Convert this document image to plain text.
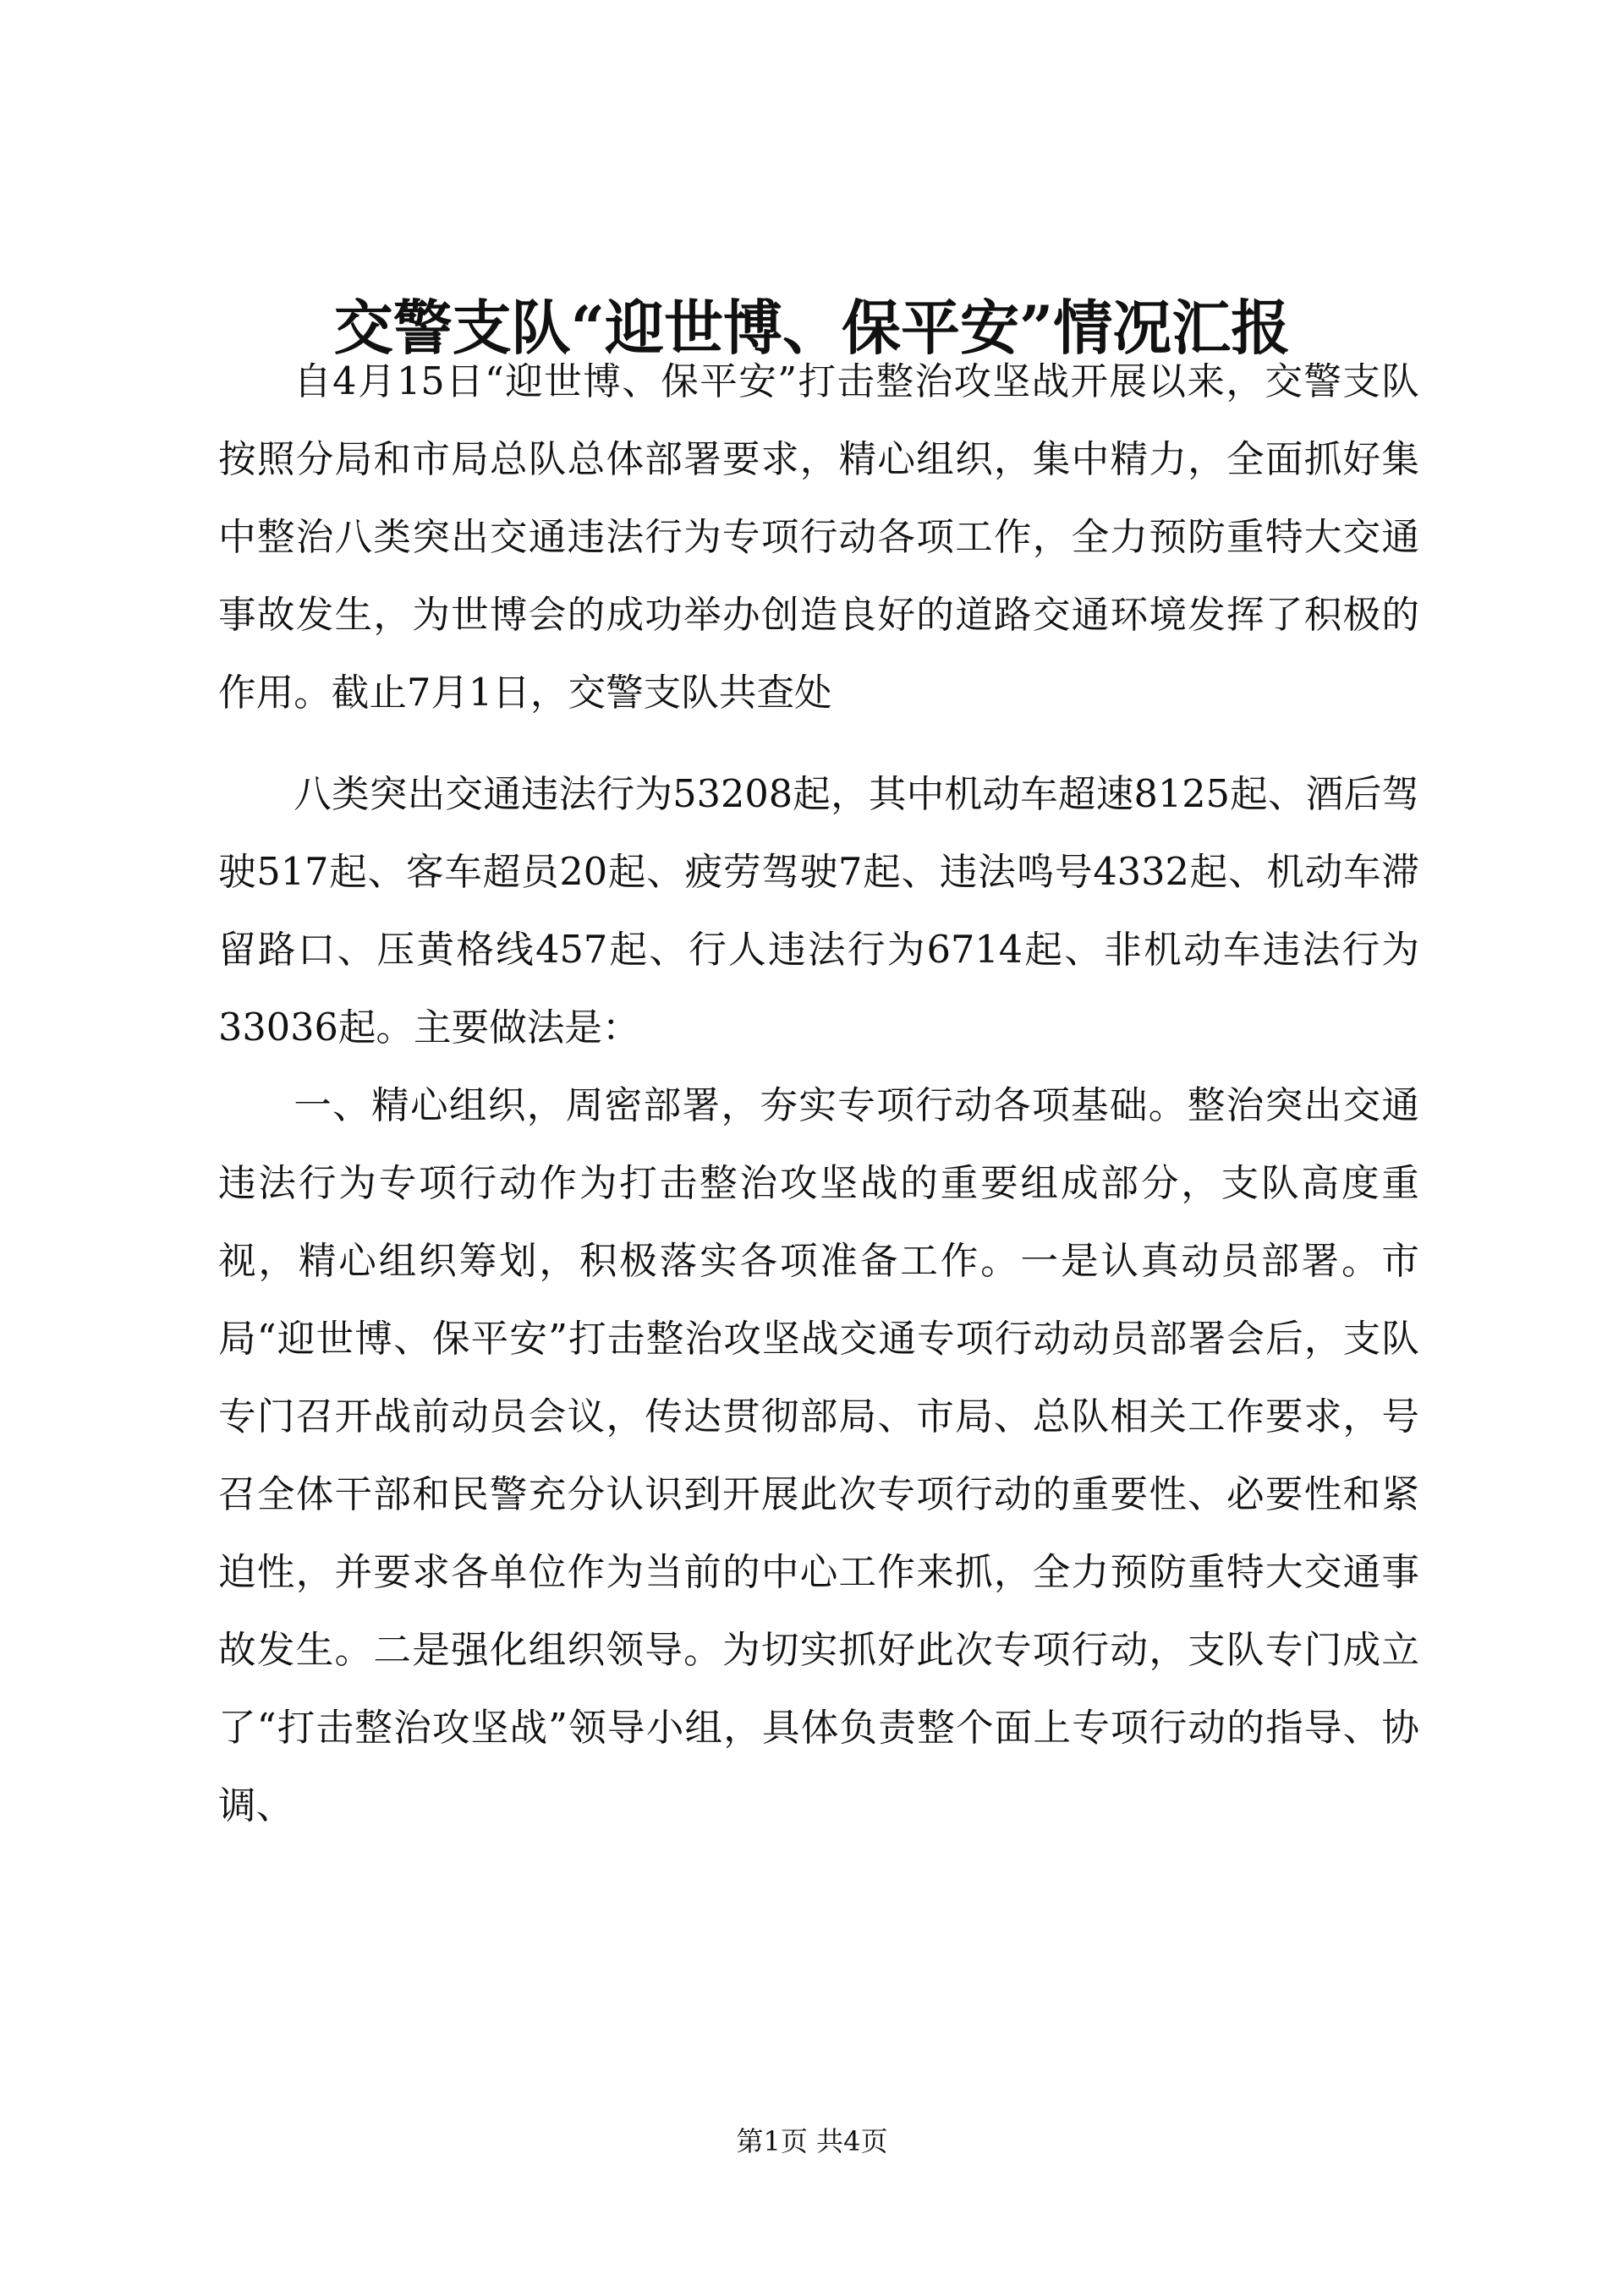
交警支队“迎世博、保平安”情况汇报

自4月15日“迎世博、保平安”打击整治攻坚战开展以来，交警支队按照分局和市局总队总体部署要求，精心组织，集中精力，全面抓好集中整治八类突出交通违法行为专项行动各项工作，全力预防重特大交通事故发生，为世博会的成功举办创造良好的道路交通环境发挥了积极的作用。截止7月1日，交警支队共查处

八类突出交通违法行为53208起，其中机动车超速8125起、酒后驾驶517起、客车超员20起、疲劳驾驶7起、违法鸣号4332起、机动车滞留路口、压黄格线457起、行人违法行为6714起、非机动车违法行为33036起。主要做法是：

一、精心组织，周密部署，夯实专项行动各项基础。整治突出交通违法行为专项行动作为打击整治攻坚战的重要组成部分，支队高度重视，精心组织筹划，积极落实各项准备工作。一是认真动员部署。市局“迎世博、保平安”打击整治攻坚战交通专项行动动员部署会后，支队专门召开战前动员会议，传达贯彻部局、市局、总队相关工作要求，号召全体干部和民警充分认识到开展此次专项行动的重要性、必要性和紧迫性，并要求各单位作为当前的中心工作来抓，全力预防重特大交通事故发生。二是强化组织领导。为切实抓好此次专项行动，支队专门成立了“打击整治攻坚战”领导小组，具体负责整个面上专项行动的指导、协调、

第1页 共4页
